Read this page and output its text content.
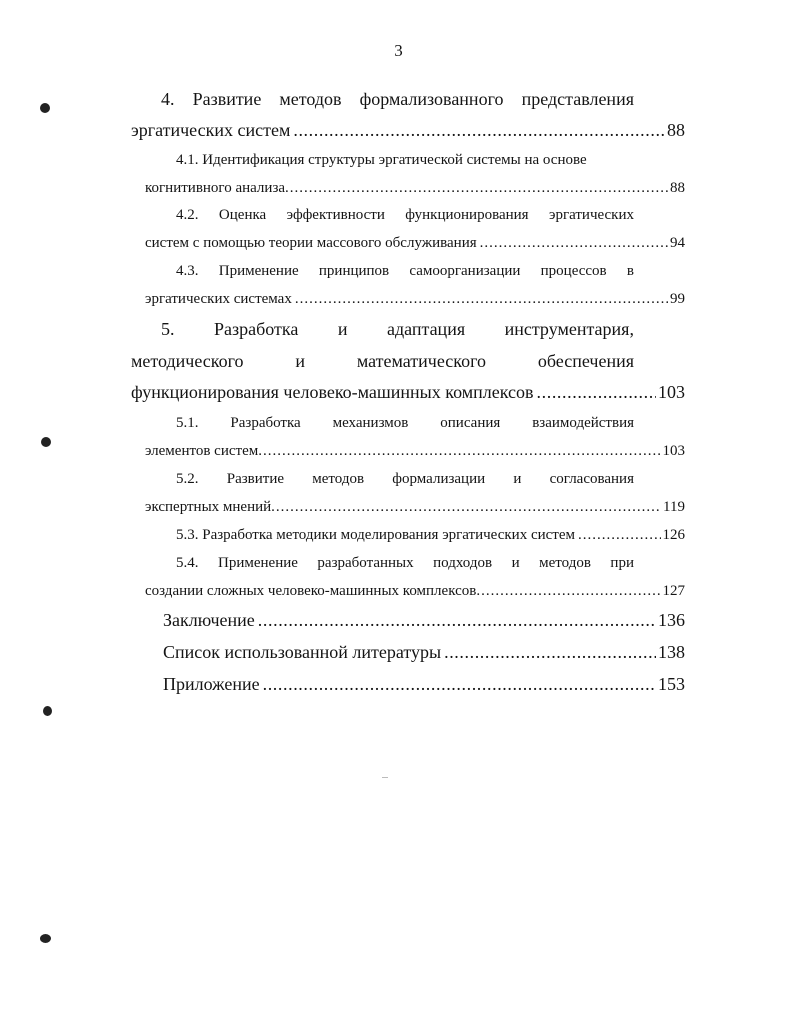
3
4. Развитие методов формализованного представления
эргатических систем .....	88
4.1. Идентификация структуры эргатической системы на основе
когнитивного анализа .....	88
4.2. Оценка эффективности функционирования эргатических
систем с помощью теории массового обслуживания .....	94
4.3. Применение принципов самоорганизации процессов в
эргатических системах .....	99
5. Разработка и адаптация инструментария,
методического	и	математического	обеспечения
функционирования человеко-машинных комплексов .....	103
5.1. Разработка механизмов описания взаимодействия
элементов систем .....	103
5.2. Развитие методов формализации и согласования
экспертных мнений .....	119
5.3. Разработка методики моделирования эргатических систем .....	126
5.4. Применение разработанных подходов и методов при
создании сложных человеко-машинных комплексов .....	127
Заключение .....	136
Список использованной литературы .....	138
Приложение .....	153
